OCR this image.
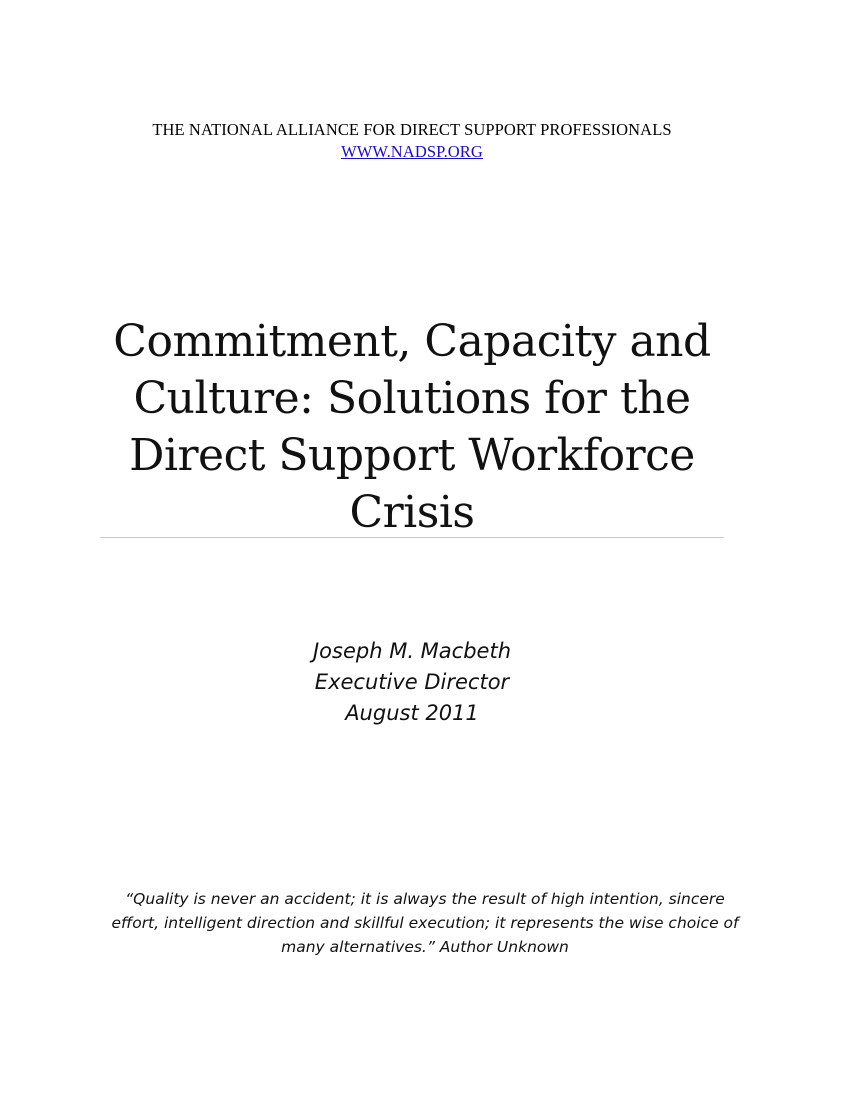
THE NATIONAL ALLIANCE FOR DIRECT SUPPORT PROFESSIONALS
WWW.NADSP.ORG
Commitment, Capacity and
Culture: Solutions for the
Direct Support Workforce
Crisis
Joseph M. Macbeth
Executive Director
August 2011
“Quality is never an accident; it is always the result of high intention, sincere
effort, intelligent direction and skillful execution; it represents the wise choice of
many alternatives.” Author Unknown
